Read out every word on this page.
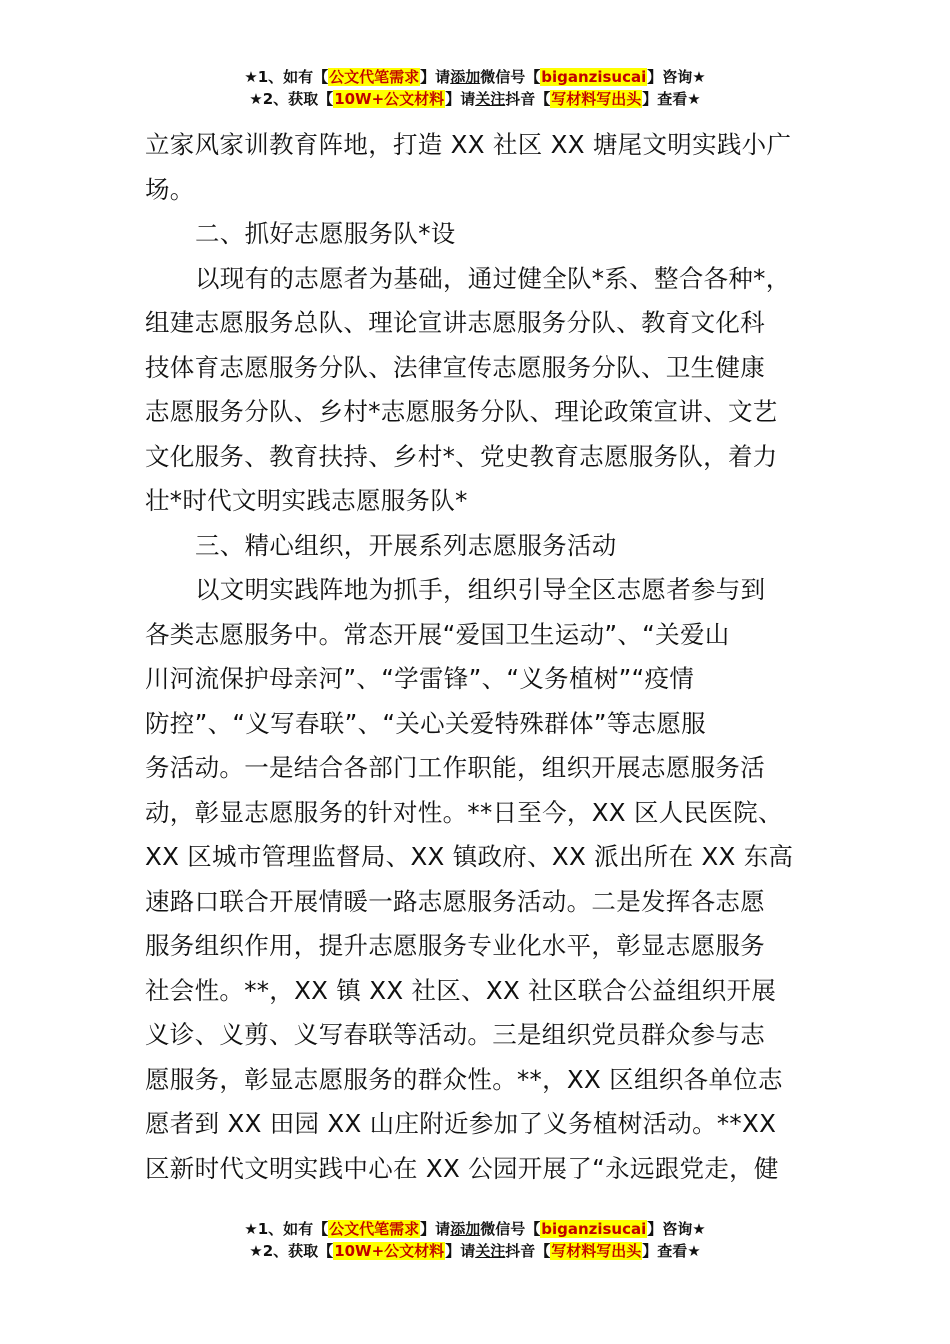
★1、如有【公文代笔需求】请添加微信号【biganzisucai】咨询★
★2、获取【10W+公文材料】请关注抖音【写材料写出头】查看★
立家风家训教育阵地，打造 XX 社区 XX 塘尾文明实践小广
场。
二、抓好志愿服务队*设
以现有的志愿者为基础，通过健全队*系、整合各种*，
组建志愿服务总队、理论宣讲志愿服务分队、教育文化科
技体育志愿服务分队、法律宣传志愿服务分队、卫生健康
志愿服务分队、乡村*志愿服务分队、理论政策宣讲、文艺
文化服务、教育扶持、乡村*、党史教育志愿服务队，着力
壮*时代文明实践志愿服务队*
三、精心组织，开展系列志愿服务活动
以文明实践阵地为抓手，组织引导全区志愿者参与到
各类志愿服务中。常态开展“爱国卫生运动”、“关爱山
川河流保护母亲河”、“学雷锋”、“义务植树”“疫情
防控”、“义写春联”、“关心关爱特殊群体”等志愿服
务活动。一是结合各部门工作职能，组织开展志愿服务活
动，彰显志愿服务的针对性。**日至今，XX 区人民医院、
XX 区城市管理监督局、XX 镇政府、XX 派出所在 XX 东高
速路口联合开展情暖一路志愿服务活动。二是发挥各志愿
服务组织作用，提升志愿服务专业化水平，彰显志愿服务
社会性。**，XX 镇 XX 社区、XX 社区联合公益组织开展
义诊、义剪、义写春联等活动。三是组织党员群众参与志
愿服务，彰显志愿服务的群众性。**，XX 区组织各单位志
愿者到 XX 田园 XX 山庄附近参加了义务植树活动。**XX
区新时代文明实践中心在 XX 公园开展了“永远跟党走，健
★1、如有【公文代笔需求】请添加微信号【biganzisucai】咨询★
★2、获取【10W+公文材料】请关注抖音【写材料写出头】查看★
